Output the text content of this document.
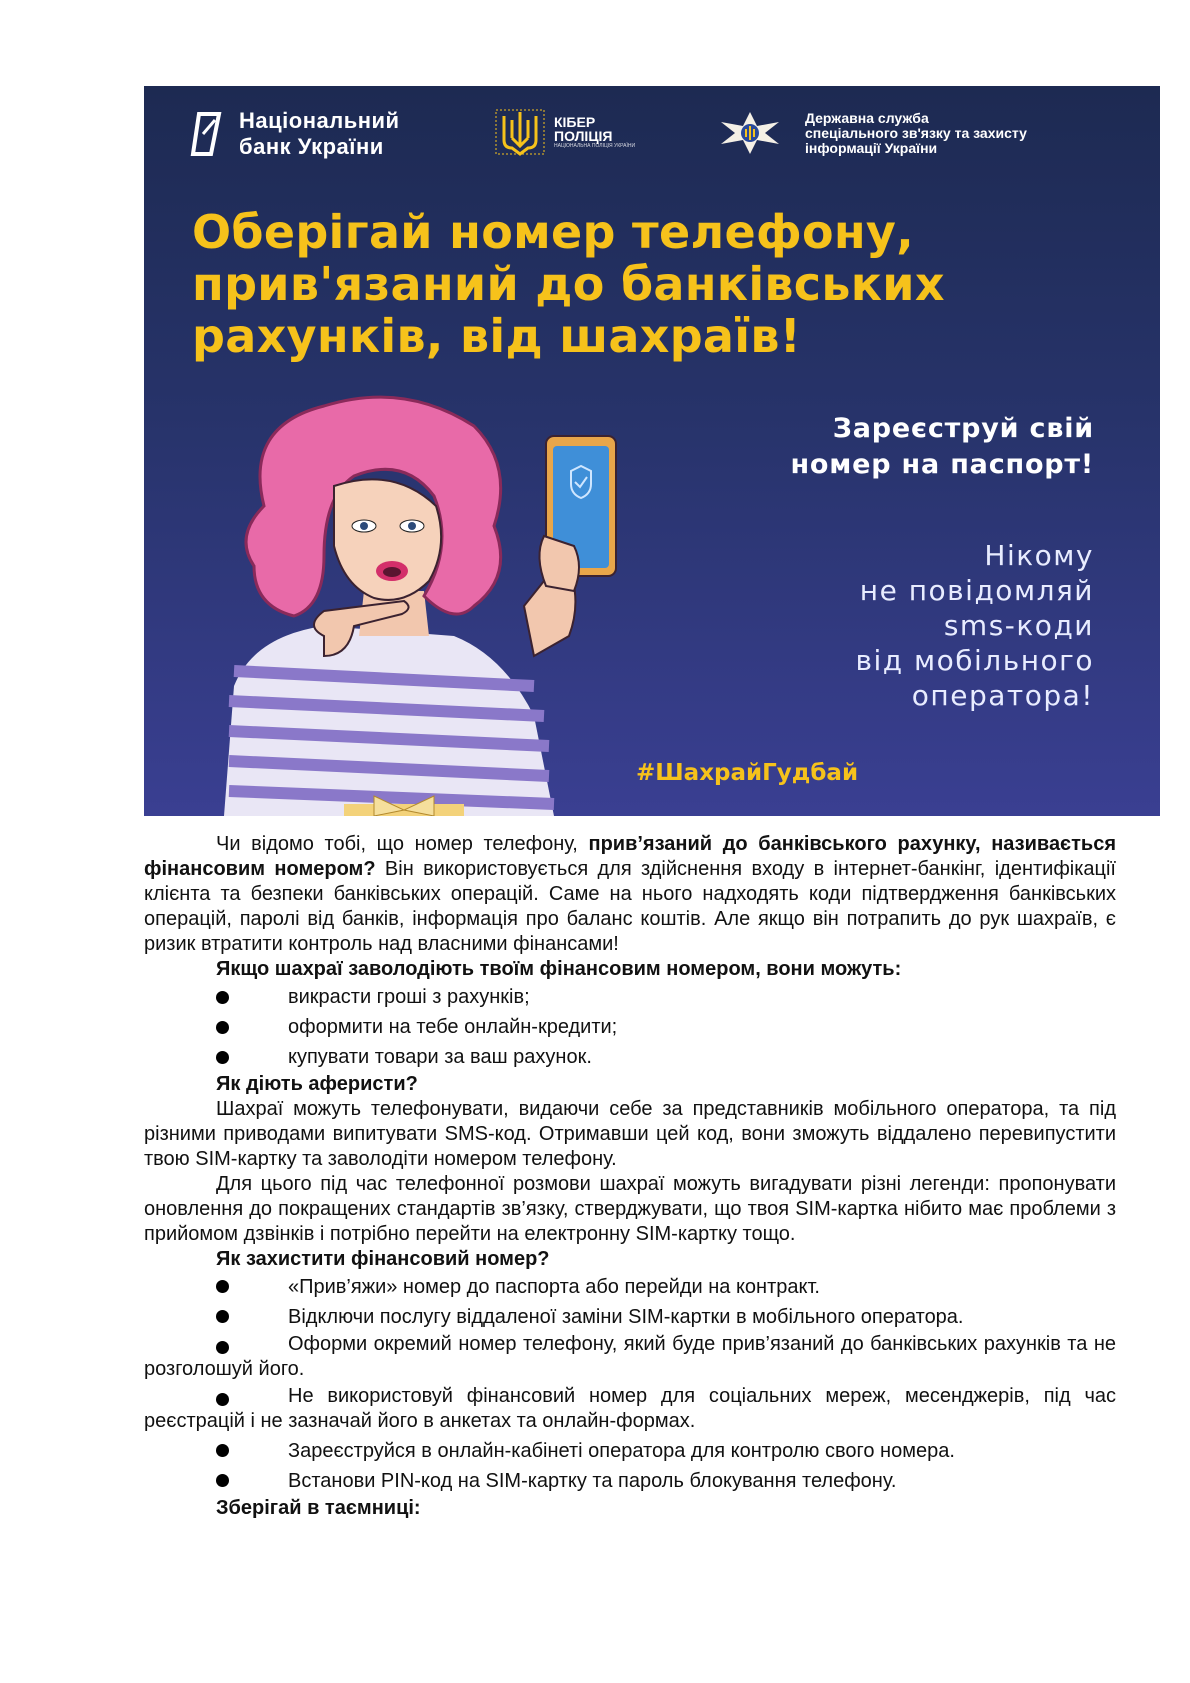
Національний
банк України
КІБЕР
ПОЛІЦІЯ
НАЦІОНАЛЬНА ПОЛІЦІЯ УКРАЇНИ
Державна служба
спеціального зв'язку та захисту
інформації України
Оберігай номер телефону,
прив'язаний до банківських
рахунків, від шахраїв!
Зареєструй свій
номер на паспорт!
Нікому
не повідомляй
sms-коди
від мобільного
оператора!
#ШахрайГудбай

Чи відомо тобі, що номер телефону, прив’язаний до банківського рахунку, називається фінансовим номером? Він використовується для здійснення входу в інтернет-банкінг, ідентифікації клієнта та безпеки банківських операцій. Саме на нього надходять коди підтвердження банківських операцій, паролі від банків, інформація про баланс коштів. Але якщо він потрапить до рук шахраїв, є ризик втратити контроль над власними фінансами!

Якщо шахраї заволодіють твоїм фінансовим номером, вони можуть:
викрасти гроші з рахунків;
оформити на тебе онлайн-кредити;
купувати товари за ваш рахунок.
Як діють аферисти?

Шахраї можуть телефонувати, видаючи себе за представників мобільного оператора, та під різними приводами випитувати SMS-код. Отримавши цей код, вони зможуть віддалено перевипустити твою SIM-картку та заволодіти номером телефону.

Для цього під час телефонної розмови шахраї можуть вигадувати різні легенди: пропонувати оновлення до покращених стандартів зв’язку, стверджувати, що твоя SIM-картка нібито має проблеми з прийомом дзвінків і потрібно перейти на електронну SIM-картку тощо.

Як захистити фінансовий номер?
«Прив’яжи» номер до паспорта або перейди на контракт.
Відключи послугу віддаленої заміни SIM-картки в мобільного оператора.
Оформи окремий номер телефону, який буде прив’язаний до банківських рахунків та не розголошуй його.
Не використовуй фінансовий номер для соціальних мереж, месенджерів, під час реєстрацій і не зазначай його в анкетах та онлайн-формах.
Зареєструйся в онлайн-кабінеті оператора для контролю свого номера.
Встанови PIN-код на SIM-картку та пароль блокування телефону.
Зберігай в таємниці:
